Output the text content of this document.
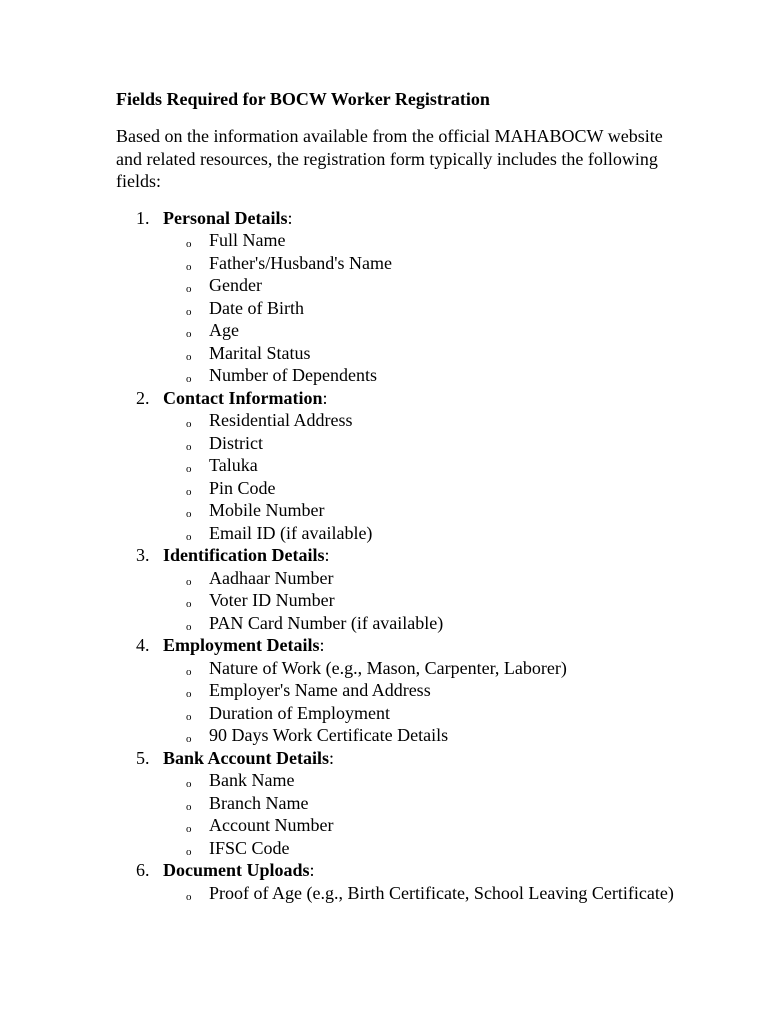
Fields Required for BOCW Worker Registration
Based on the information available from the official MAHABOCW website and related resources, the registration form typically includes the following fields:
1. Personal Details:
o Full Name
o Father's/Husband's Name
o Gender
o Date of Birth
o Age
o Marital Status
o Number of Dependents
2. Contact Information:
o Residential Address
o District
o Taluka
o Pin Code
o Mobile Number
o Email ID (if available)
3. Identification Details:
o Aadhaar Number
o Voter ID Number
o PAN Card Number (if available)
4. Employment Details:
o Nature of Work (e.g., Mason, Carpenter, Laborer)
o Employer's Name and Address
o Duration of Employment
o 90 Days Work Certificate Details
5. Bank Account Details:
o Bank Name
o Branch Name
o Account Number
o IFSC Code
6. Document Uploads:
o Proof of Age (e.g., Birth Certificate, School Leaving Certificate)
